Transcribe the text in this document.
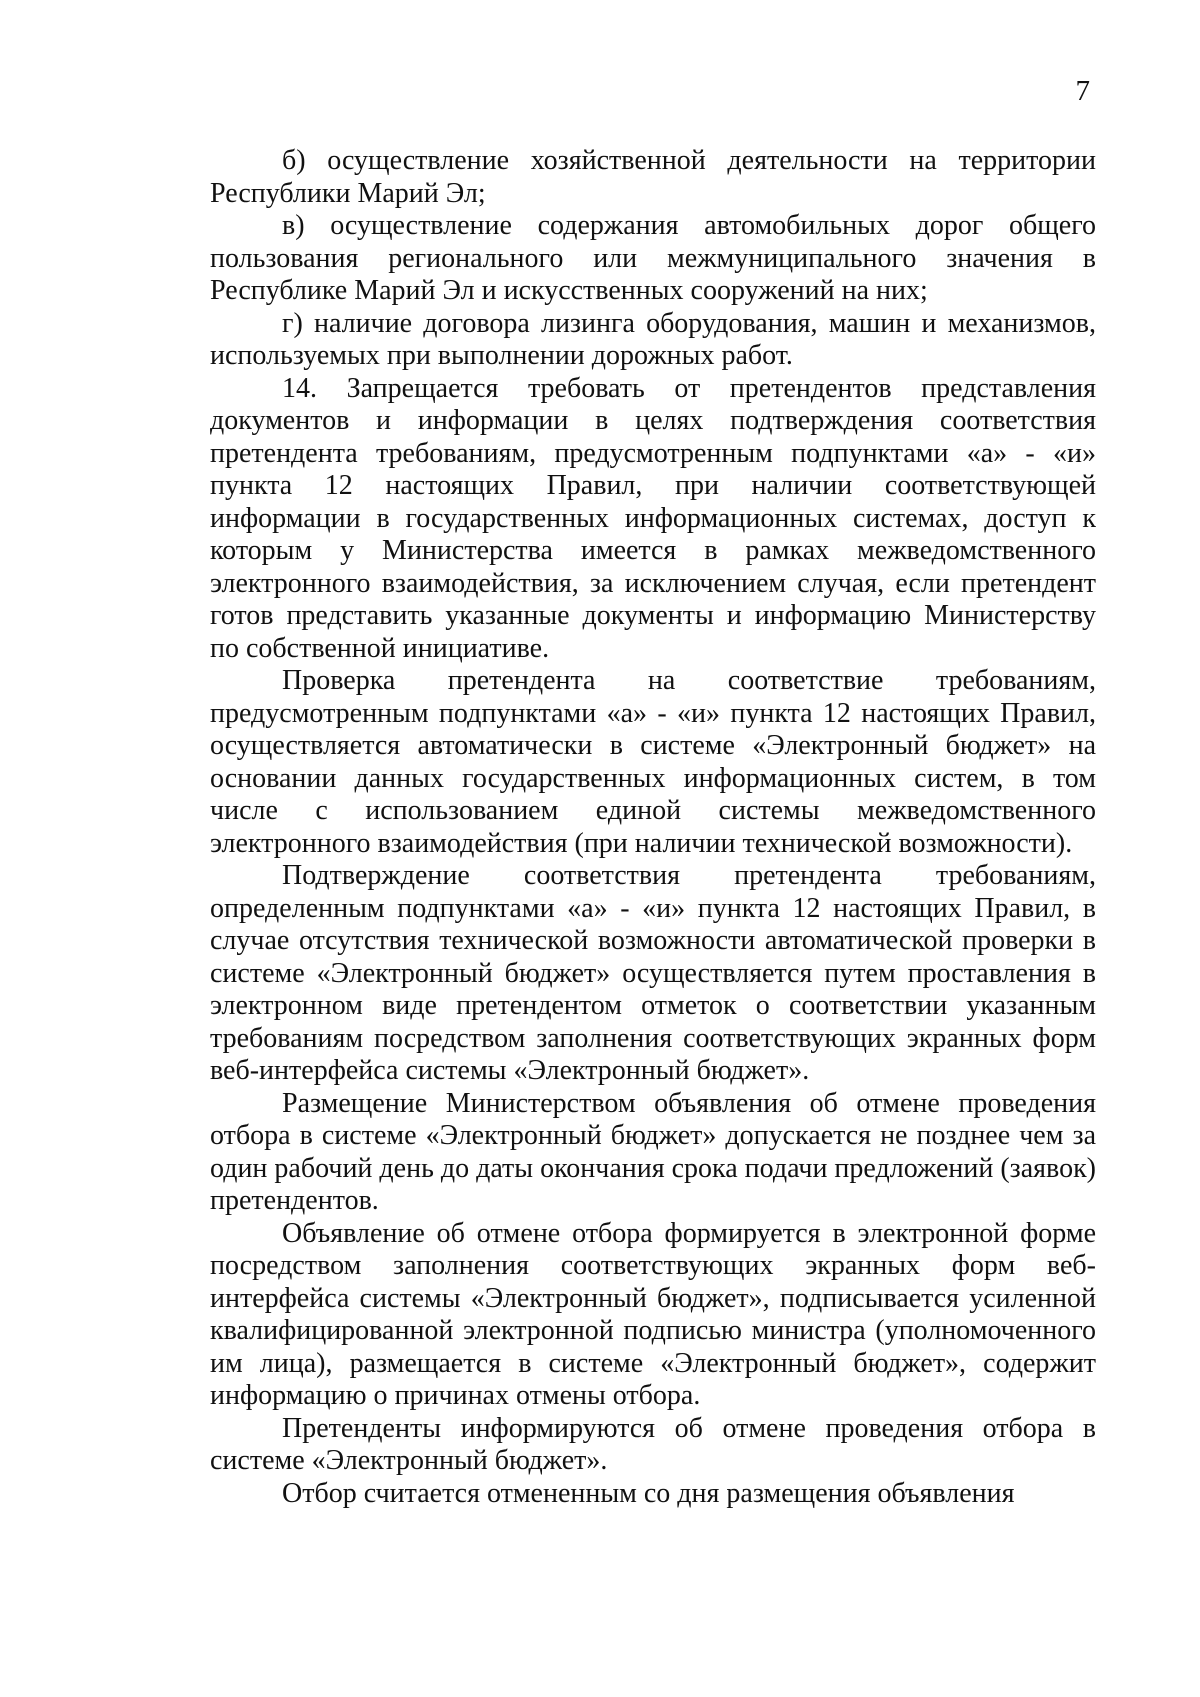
7

б) осуществление хозяйственной деятельности на территории Республики Марий Эл;

в) осуществление содержания автомобильных дорог общего пользования регионального или межмуниципального значения в Республике Марий Эл и искусственных сооружений на них;

г) наличие договора лизинга оборудования, машин и механизмов, используемых при выполнении дорожных работ.

14. Запрещается требовать от претендентов представления документов и информации в целях подтверждения соответствия претендента требованиям, предусмотренным подпунктами «а» - «и» пункта 12 настоящих Правил, при наличии соответствующей информации в государственных информационных системах, доступ к которым у Министерства имеется в рамках межведомственного электронного взаимодействия, за исключением случая, если претендент готов представить указанные документы и информацию Министерству по собственной инициативе.

Проверка претендента на соответствие требованиям, предусмотренным подпунктами «а» - «и» пункта 12 настоящих Правил, осуществляется автоматически в системе «Электронный бюджет» на основании данных государственных информационных систем, в том числе с использованием единой системы межведомственного электронного взаимодействия (при наличии технической возможности).

Подтверждение соответствия претендента требованиям, определенным подпунктами «а» - «и» пункта 12 настоящих Правил, в случае отсутствия технической возможности автоматической проверки в системе «Электронный бюджет» осуществляется путем проставления в электронном виде претендентом отметок о соответствии указанным требованиям посредством заполнения соответствующих экранных форм веб-интерфейса системы «Электронный бюджет».

Размещение Министерством объявления об отмене проведения отбора в системе «Электронный бюджет» допускается не позднее чем за один рабочий день до даты окончания срока подачи предложений (заявок) претендентов.

Объявление об отмене отбора формируется в электронной форме посредством заполнения соответствующих экранных форм веб-интерфейса системы «Электронный бюджет», подписывается усиленной квалифицированной электронной подписью министра (уполномоченного им лица), размещается в системе «Электронный бюджет», содержит информацию о причинах отмены отбора.

Претенденты информируются об отмене проведения отбора в системе «Электронный бюджет».

Отбор считается отмененным со дня размещения объявления
